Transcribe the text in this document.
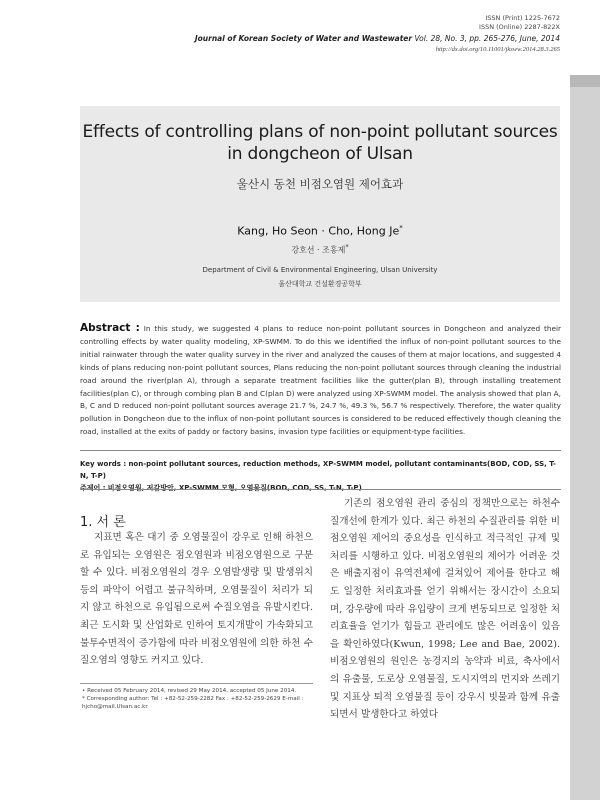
ISSN (Print) 1225-7672
ISSN (Online) 2287-822X
Journal of Korean Society of Water and Wastewater Vol. 28, No. 3, pp. 265-276, June, 2014
http://dx.doi.org/10.11001/jksww.2014.28.3.265
Effects of controlling plans of non-point pollutant sources
in dongcheon of Ulsan
울산시 동천 비점오염원 제어효과
Kang, Ho Seon · Cho, Hong Je*
강호선 · 조홍제*
Department of Civil & Environmental Engineering, Ulsan University
울산대학교 건설환경공학부
Abstract : In this study, we suggested 4 plans to reduce non-point pollutant sources in Dongcheon and analyzed their controlling effects by water quality modeling, XP-SWMM. To do this we identified the influx of non-point pollutant sources to the initial rainwater through the water quality survey in the river and analyzed the causes of them at major locations, and suggested 4 kinds of plans reducing non-point pollutant sources, Plans reducing the non-point pollutant sources through cleaning the industrial road around the river(plan A), through a separate treatment facilities like the gutter(plan B), through installing treatement facilities(plan C), or through combing plan B and C(plan D) were analyzed using XP-SWMM model. The analysis showed that plan A, B, C and D reduced non-point pollutant sources average 21.7 %, 24.7 %, 49.3 %, 56.7 % respectively. Therefore, the water quality pollution in Dongcheon due to the influx of non-point pollutant sources is considered to be reduced effectively though cleaning the road, installed at the exits of paddy or factory basins, invasion type facilities or equipment-type facilities.
Key words : non-point pollutant sources, reduction methods, XP-SWMM model, pollutant contaminants(BOD, COD, SS, T-N, T-P)
주제어 : 비점오염원, 저감방안, XP-SWMM 모형, 오염물질(BOD, COD, SS, T-N, T-P)
1. 서 론
지표면 혹은 대기 중 오염물질이 강우로 인해 하천으로 유입되는 오염원은 점오염원과 비점오염원으로 구분할 수 있다. 비점오염원의 경우 오염발생량 및 발생위치 등의 파악이 어렵고 불규칙하며, 오염물질이 처리가 되지 않고 하천으로 유입됨으로써 수질오염을 유발시킨다. 최근 도시화 및 산업화로 인하여 토지개발이 가속화되고 불투수면적이 증가함에 따라 비점오염원에 의한 하천 수질오염의 영향도 커지고 있다.
기존의 점오염원 관리 중심의 정책만으로는 하천수질개선에 한계가 있다. 최근 하천의 수질관리를 위한 비점오염원 제어의 중요성을 인식하고 적극적인 규제 및 처리를 시행하고 있다. 비점오염원의 제어가 어려운 것은 배출지점이 유역전체에 걸쳐있어 제어를 한다고 해도 일정한 처리효과를 얻기 위해서는 장시간이 소요되며, 강우량에 따라 유입량이 크게 변동되므로 일정한 처리효율을 얻기가 힘들고 관리에도 많은 어려움이 있음을 확인하였다(Kwun, 1998; Lee and Bae, 2002). 비점오염원의 원인은 농경지의 농약과 비료, 축사에서의 유출물, 도로상 오염물질, 도시지역의 먼지와 쓰레기 및 지표상 퇴적 오염물질 등이 강우시 빗물과 함께 유출되면서 발생한다고 하였다
• Received 05 February 2014, revised 29 May 2014, accepted 05 June 2014.
* Corresponding author: Tel : +82-52-259-2282 Fax : +82-52-259-2629 E-mail : hjcho@mail.Ulsan.ac.kr
